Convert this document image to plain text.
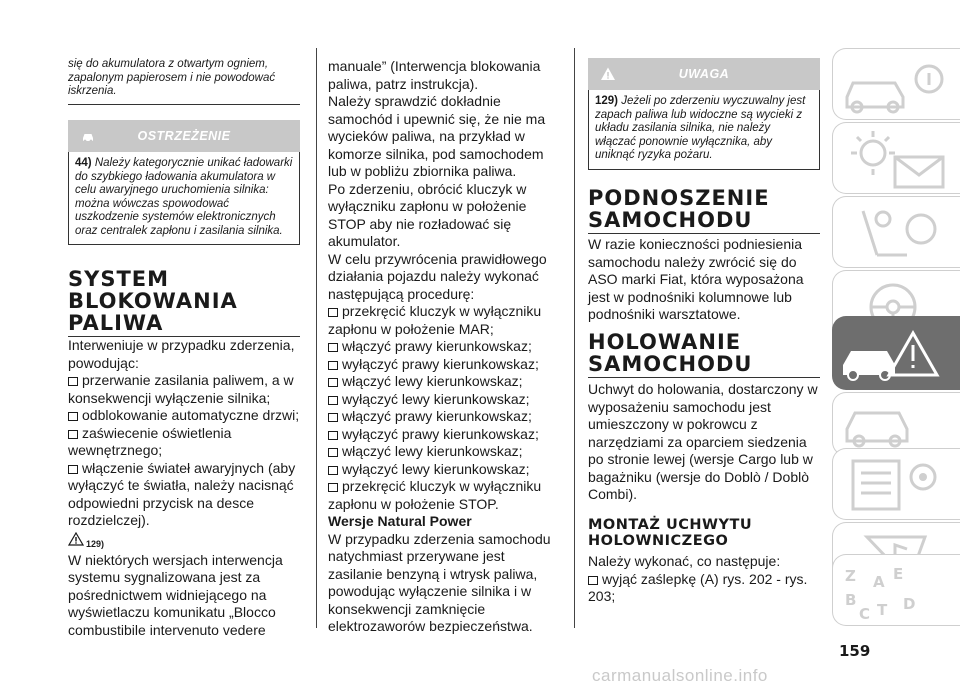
się do akumulatora z otwartym ogniem, zapalonym papierosem i nie powodować iskrzenia.
OSTRZEŻENIE
44) Należy kategorycznie unikać ładowarki do szybkiego ładowania akumulatora w celu awaryjnego uruchomienia silnika: można wówczas spowodować uszkodzenie systemów elektronicznych oraz centralek zapłonu i zasilania silnika.
SYSTEM
BLOKOWANIA
PALIWA
Interweniuje w przypadku zderzenia, powodując:
przerwanie zasilania paliwem, a w konsekwencji wyłączenie silnika;
odblokowanie automatyczne drzwi;
zaświecenie oświetlenia wewnętrznego;
włączenie świateł awaryjnych (aby wyłączyć te światła, należy nacisnąć odpowiedni przycisk na desce rozdzielczej).
129)
W niektórych wersjach interwencja systemu sygnalizowana jest za pośrednictwem widniejącego na wyświetlaczu komunikatu „Blocco combustibile intervenuto vedere
manuale” (Interwencja blokowania paliwa, patrz instrukcja).
Należy sprawdzić dokładnie samochód i upewnić się, że nie ma wycieków paliwa, na przykład w komorze silnika, pod samochodem lub w pobliżu zbiornika paliwa.
Po zderzeniu, obrócić kluczyk w wyłączniku zapłonu w położenie STOP aby nie rozładować się akumulator.
W celu przywrócenia prawidłowego działania pojazdu należy wykonać następującą procedurę:
przekręcić kluczyk w wyłączniku zapłonu w położenie MAR;
włączyć prawy kierunkowskaz;
wyłączyć prawy kierunkowskaz;
włączyć lewy kierunkowskaz;
wyłączyć lewy kierunkowskaz;
włączyć prawy kierunkowskaz;
wyłączyć prawy kierunkowskaz;
włączyć lewy kierunkowskaz;
wyłączyć lewy kierunkowskaz;
przekręcić kluczyk w wyłączniku zapłonu w położenie STOP.
Wersje Natural Power
W przypadku zderzenia samochodu natychmiast przerywane jest zasilanie benzyną i wtrysk paliwa, powodując wyłączenie silnika i w konsekwencji zamknięcie elektrozaworów bezpieczeństwa.
UWAGA
129) Jeżeli po zderzeniu wyczuwalny jest zapach paliwa lub widoczne są wycieki z układu zasilania silnika, nie należy włączać ponownie wyłącznika, aby uniknąć ryzyka pożaru.
PODNOSZENIE
SAMOCHODU
W razie konieczności podniesienia samochodu należy zwrócić się do ASO marki Fiat, która wyposażona jest w podnośniki kolumnowe lub podnośniki warsztatowe.
HOLOWANIE
SAMOCHODU
Uchwyt do holowania, dostarczony w wyposażeniu samochodu jest umieszczony w pokrowcu z narzędziami za oparciem siedzenia po stronie lewej (wersje Cargo lub w bagażniku (wersje do Doblò / Doblò Combi).
MONTAŻ UCHWYTU
HOLOWNICZEGO
Należy wykonać, co następuje:
wyjąć zaślepkę (A) rys. 202 - rys. 203;
Z E
A
B
C T D
159
carmanualsonline.info
